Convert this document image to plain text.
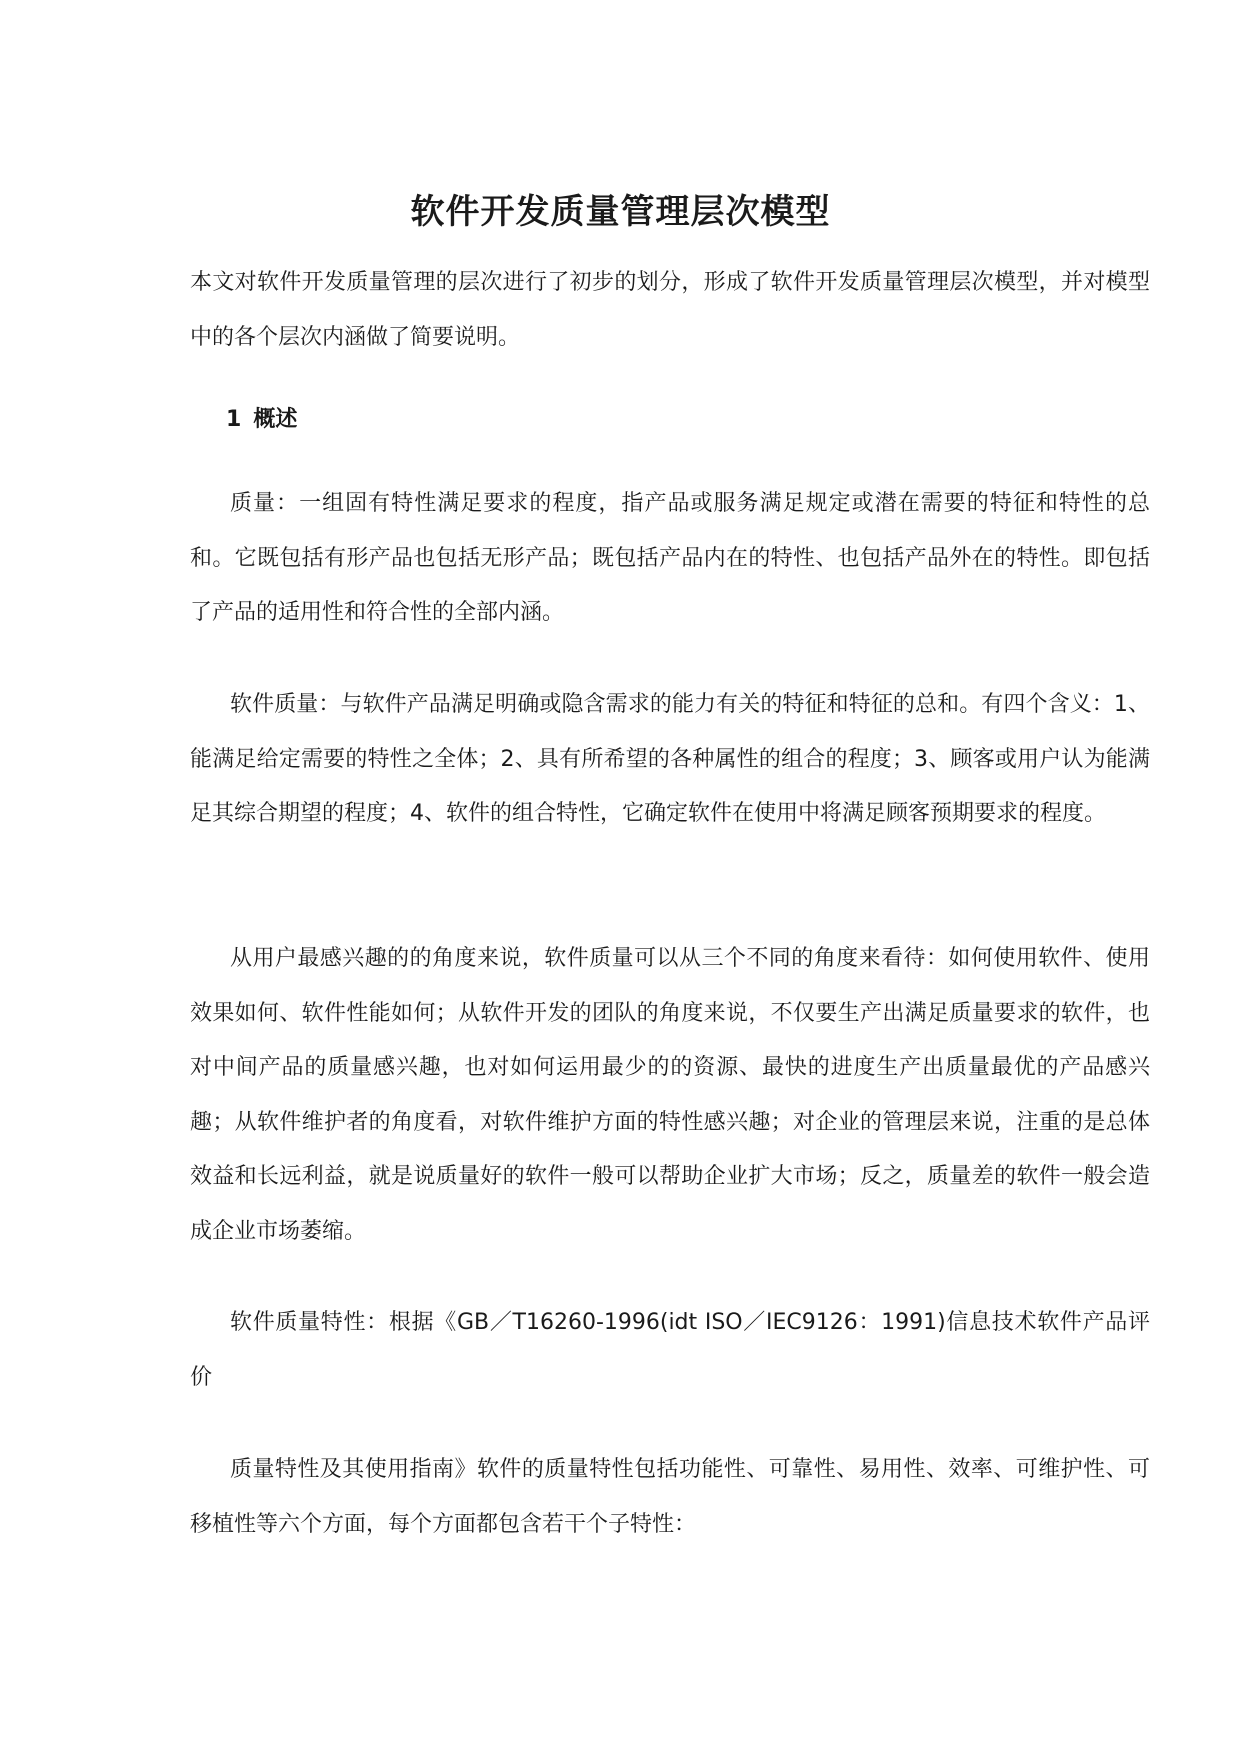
软件开发质量管理层次模型

本文对软件开发质量管理的层次进行了初步的划分，形成了软件开发质量管理层次模型，并对模型中的各个层次内涵做了简要说明。

1 概述

质量：一组固有特性满足要求的程度，指产品或服务满足规定或潜在需要的特征和特性的总和。它既包括有形产品也包括无形产品；既包括产品内在的特性、也包括产品外在的特性。即包括了产品的适用性和符合性的全部内涵。

软件质量：与软件产品满足明确或隐含需求的能力有关的特征和特征的总和。有四个含义：1、能满足给定需要的特性之全体；2、具有所希望的各种属性的组合的程度；3、顾客或用户认为能满足其综合期望的程度；4、软件的组合特性，它确定软件在使用中将满足顾客预期要求的程度。

从用户最感兴趣的的角度来说，软件质量可以从三个不同的角度来看待：如何使用软件、使用效果如何、软件性能如何；从软件开发的团队的角度来说，不仅要生产出满足质量要求的软件，也对中间产品的质量感兴趣，也对如何运用最少的的资源、最快的进度生产出质量最优的产品感兴趣；从软件维护者的角度看，对软件维护方面的特性感兴趣；对企业的管理层来说，注重的是总体效益和长远利益，就是说质量好的软件一般可以帮助企业扩大市场；反之，质量差的软件一般会造成企业市场萎缩。

软件质量特性：根据《GB／T16260-1996(idt ISO／IEC9126：1991)信息技术软件产品评价

质量特性及其使用指南》软件的质量特性包括功能性、可靠性、易用性、效率、可维护性、可移植性等六个方面，每个方面都包含若干个子特性：
